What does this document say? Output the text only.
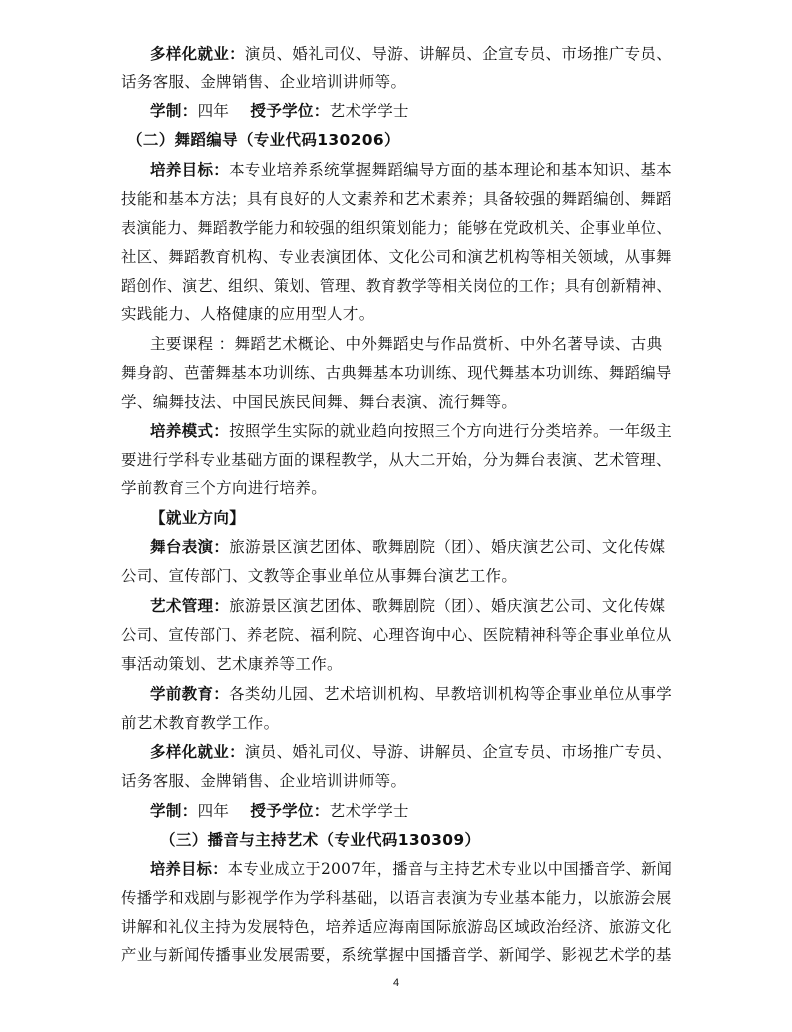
4
多样化就业：演员、婚礼司仪、导游、讲解员、企宣专员、市场推广专员、
话务客服、金牌销售、企业培训讲师等。
学制：四年    授予学位：艺术学学士
（二）舞蹈编导（专业代码130206）
培养目标：本专业培养系统掌握舞蹈编导方面的基本理论和基本知识、基本
技能和基本方法；具有良好的人文素养和艺术素养；具备较强的舞蹈编创、舞蹈
表演能力、舞蹈教学能力和较强的组织策划能力；能够在党政机关、企事业单位、
社区、舞蹈教育机构、专业表演团体、文化公司和演艺机构等相关领域，从事舞
蹈创作、演艺、组织、策划、管理、教育教学等相关岗位的工作；具有创新精神、
实践能力、人格健康的应用型人才。
主要课程 ：舞蹈艺术概论、中外舞蹈史与作品赏析、中外名著导读、古典
舞身韵、芭蕾舞基本功训练、古典舞基本功训练、现代舞基本功训练、舞蹈编导
学、编舞技法、中国民族民间舞、舞台表演、流行舞等。
培养模式：按照学生实际的就业趋向按照三个方向进行分类培养。一年级主
要进行学科专业基础方面的课程教学，从大二开始，分为舞台表演、艺术管理、
学前教育三个方向进行培养。
【就业方向】
舞台表演：旅游景区演艺团体、歌舞剧院（团）、婚庆演艺公司、文化传媒
公司、宣传部门、文教等企事业单位从事舞台演艺工作。
艺术管理：旅游景区演艺团体、歌舞剧院（团）、婚庆演艺公司、文化传媒
公司、宣传部门、养老院、福利院、心理咨询中心、医院精神科等企事业单位从
事活动策划、艺术康养等工作。
学前教育：各类幼儿园、艺术培训机构、早教培训机构等企事业单位从事学
前艺术教育教学工作。
多样化就业：演员、婚礼司仪、导游、讲解员、企宣专员、市场推广专员、
话务客服、金牌销售、企业培训讲师等。
学制：四年    授予学位：艺术学学士
（三）播音与主持艺术（专业代码130309）
培养目标：本专业成立于2007年，播音与主持艺术专业以中国播音学、新闻
传播学和戏剧与影视学作为学科基础，以语言表演为专业基本能力，以旅游会展
讲解和礼仪主持为发展特色，培养适应海南国际旅游岛区域政治经济、旅游文化
产业与新闻传播事业发展需要，系统掌握中国播音学、新闻学、影视艺术学的基
